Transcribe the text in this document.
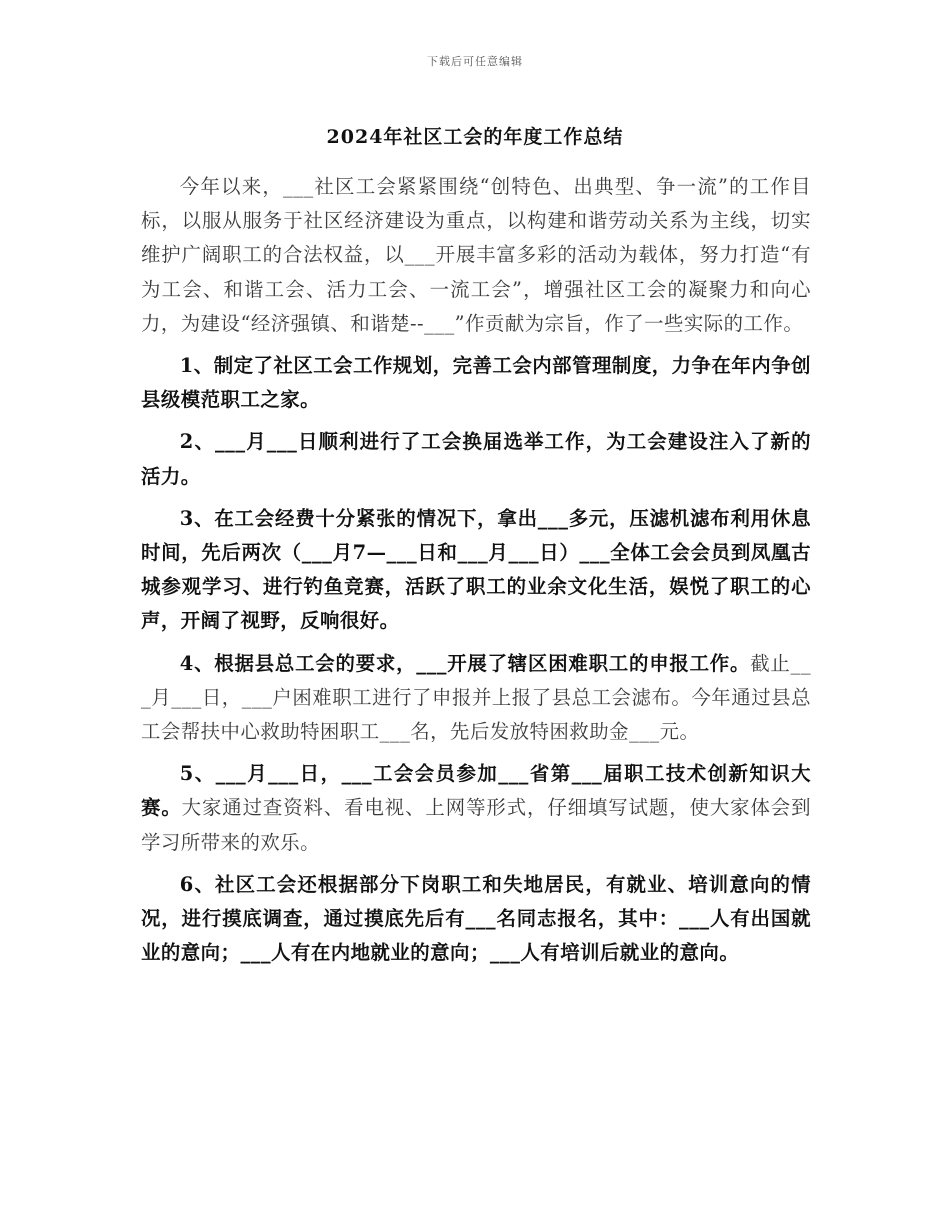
下载后可任意编辑
2024年社区工会的年度工作总结

今年以来，___社区工会紧紧围绕“创特色、出典型、争一流”的工作目标，以服从服务于社区经济建设为重点，以构建和谐劳动关系为主线，切实维护广阔职工的合法权益，以___开展丰富多彩的活动为载体，努力打造“有为工会、和谐工会、活力工会、一流工会”，增强社区工会的凝聚力和向心力，为建设“经济强镇、和谐楚--___”作贡献为宗旨，作了一些实际的工作。

1、制定了社区工会工作规划，完善工会内部管理制度，力争在年内争创县级模范职工之家。

2、___月___日顺利进行了工会换届选举工作，为工会建设注入了新的活力。

3、在工会经费十分紧张的情况下，拿出___多元，压滤机滤布利用休息时间，先后两次（___月7—___日和___月___日）___全体工会会员到凤凰古城参观学习、进行钓鱼竞赛，活跃了职工的业余文化生活，娱悦了职工的心声，开阔了视野，反响很好。

4、根据县总工会的要求，___开展了辖区困难职工的申报工作。截止___月___日，___户困难职工进行了申报并上报了县总工会滤布。今年通过县总工会帮扶中心救助特困职工___名，先后发放特困救助金___元。

5、___月___日，___工会会员参加___省第___届职工技术创新知识大赛。大家通过查资料、看电视、上网等形式，仔细填写试题，使大家体会到学习所带来的欢乐。

6、社区工会还根据部分下岗职工和失地居民，有就业、培训意向的情况，进行摸底调查，通过摸底先后有___名同志报名，其中：___人有出国就业的意向；___人有在内地就业的意向；___人有培训后就业的意向。
